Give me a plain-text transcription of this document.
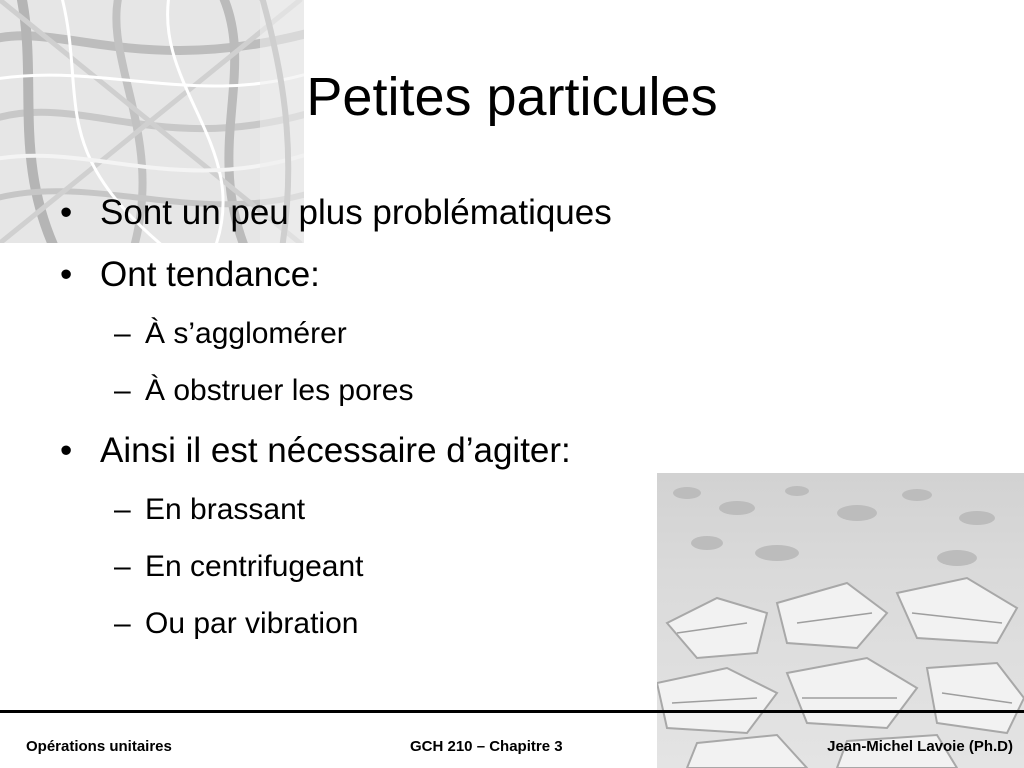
Petites particules
• Sont un peu plus problématiques
• Ont tendance:
– À s’agglomérer
– À obstruer les pores
• Ainsi il est nécessaire d’agiter:
– En brassant
– En centrifugeant
– Ou par vibration
Opérations unitaires	GCH 210 – Chapitre 3	Jean-Michel Lavoie (Ph.D)
